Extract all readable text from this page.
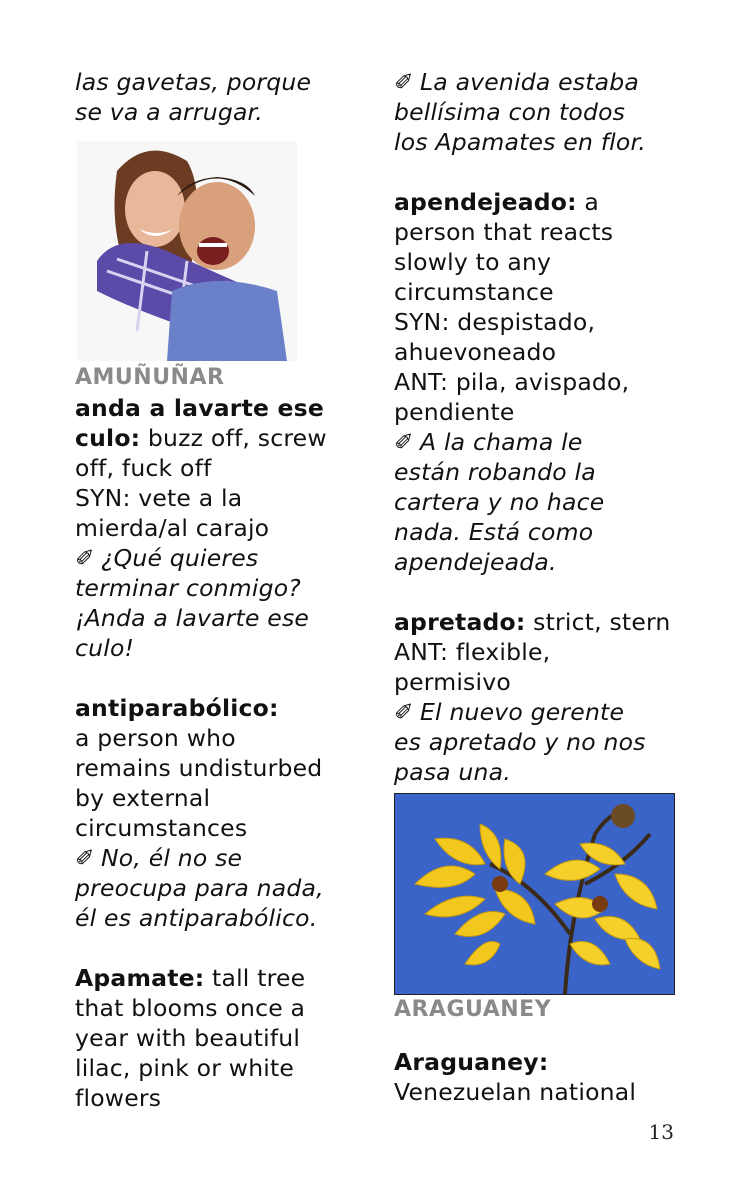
las gavetas, porque
se va a arrugar.
AMUÑUÑAR
anda a lavarte ese
culo: buzz off, screw
off, fuck off
SYN: vete a la
mierda/al carajo
✐ ¿Qué quieres
terminar conmigo?
¡Anda a lavarte ese
culo!
antiparabólico:
a person who
remains undisturbed
by external
circumstances
✐ No, él no se
preocupa para nada,
él es antiparabólico.
Apamate: tall tree
that blooms once a
year with beautiful
lilac, pink or white
flowers
✐ La avenida estaba
bellísima con todos
los Apamates en flor.
apendejeado: a
person that reacts
slowly to any
circumstance
SYN: despistado,
ahuevoneado
ANT: pila, avispado,
pendiente
✐ A la chama le
están robando la
cartera y no hace
nada. Está como
apendejeada.
apretado: strict, stern
ANT: flexible,
permisivo
✐ El nuevo gerente
es apretado y no nos
pasa una.
ARAGUANEY
Araguaney:
Venezuelan national
13
